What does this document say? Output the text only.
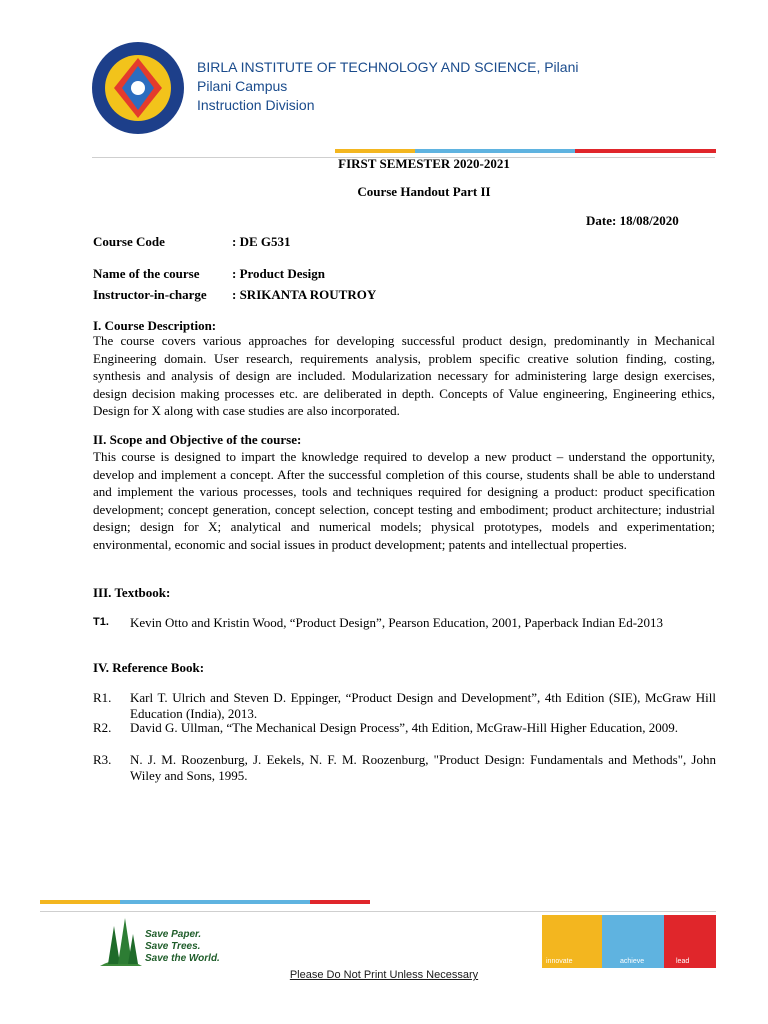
BIRLA INSTITUTE OF TECHNOLOGY AND SCIENCE, Pilani
Pilani Campus
Instruction Division
FIRST SEMESTER 2020-2021
Course Handout Part II
Date: 18/08/2020
Course Code	: DE G531
Name of the course	: Product Design
Instructor-in-charge : SRIKANTA ROUTROY
I. Course Description:
The course covers various approaches for developing successful product design, predominantly in Mechanical Engineering domain. User research, requirements analysis, problem specific creative solution finding, costing, synthesis and analysis of design are included. Modularization necessary for administering large design exercises, design decision making processes etc. are deliberated in depth. Concepts of Value engineering, Engineering ethics, Design for X along with case studies are also incorporated.
II. Scope and Objective of the course:
This course is designed to impart the knowledge required to develop a new product – understand the opportunity, develop and implement a concept. After the successful completion of this course, students shall be able to understand and implement the various processes, tools and techniques required for designing a product: product specification development; concept generation, concept selection, concept testing and embodiment; product architecture; industrial design; design for X; analytical and numerical models; physical prototypes, models and experimentation; environmental, economic and social issues in product development; patents and intellectual properties.
III. Textbook:
T1. Kevin Otto and Kristin Wood, “Product Design”, Pearson Education, 2001, Paperback Indian Ed-2013
IV. Reference Book:
R1. Karl T. Ulrich and Steven D. Eppinger, “Product Design and Development”, 4th Edition (SIE), McGraw Hill Education (India), 2013.
R2. David G. Ullman, “The Mechanical Design Process”, 4th Edition, McGraw-Hill Higher Education, 2009.
R3. N. J. M. Roozenburg, J. Eekels, N. F. M. Roozenburg, "Product Design: Fundamentals and Methods", John Wiley and Sons, 1995.
Save Paper.
Save Trees.
Save the World.	innovate	achieve	lead
Please Do Not Print Unless Necessary
